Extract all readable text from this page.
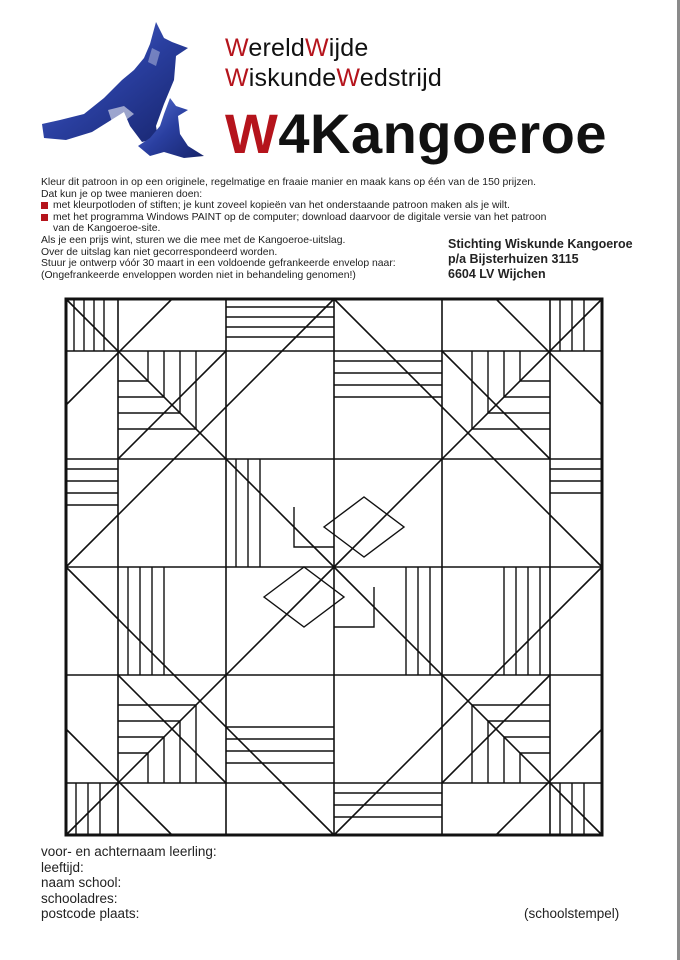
WereldWijde
WiskundeWedstrijd
W4Kangoeroe
Kleur dit patroon in op een originele, regelmatige en fraaie manier en maak kans op één van de 150 prijzen.
Dat kun je op twee manieren doen:
met kleurpotloden of stiften; je kunt zoveel kopieën van het onderstaande patroon maken als je wilt.
met het programma Windows PAINT op de computer; download daarvoor de digitale versie van het patroon
van de Kangoeroe-site.
Als je een prijs wint, sturen we die mee met de Kangoeroe-uitslag.
Over de uitslag kan niet gecorrespondeerd worden.
Stuur je ontwerp vóór 30 maart in een voldoende gefrankeerde envelop naar:
(Ongefrankeerde enveloppen worden niet in behandeling genomen!)
Stichting Wiskunde Kangoeroe
p/a Bijsterhuizen 3115
6604 LV Wijchen
voor- en achternaam leerling:
leeftijd:
naam school:
schooladres:
postcode plaats:	(schoolstempel)
